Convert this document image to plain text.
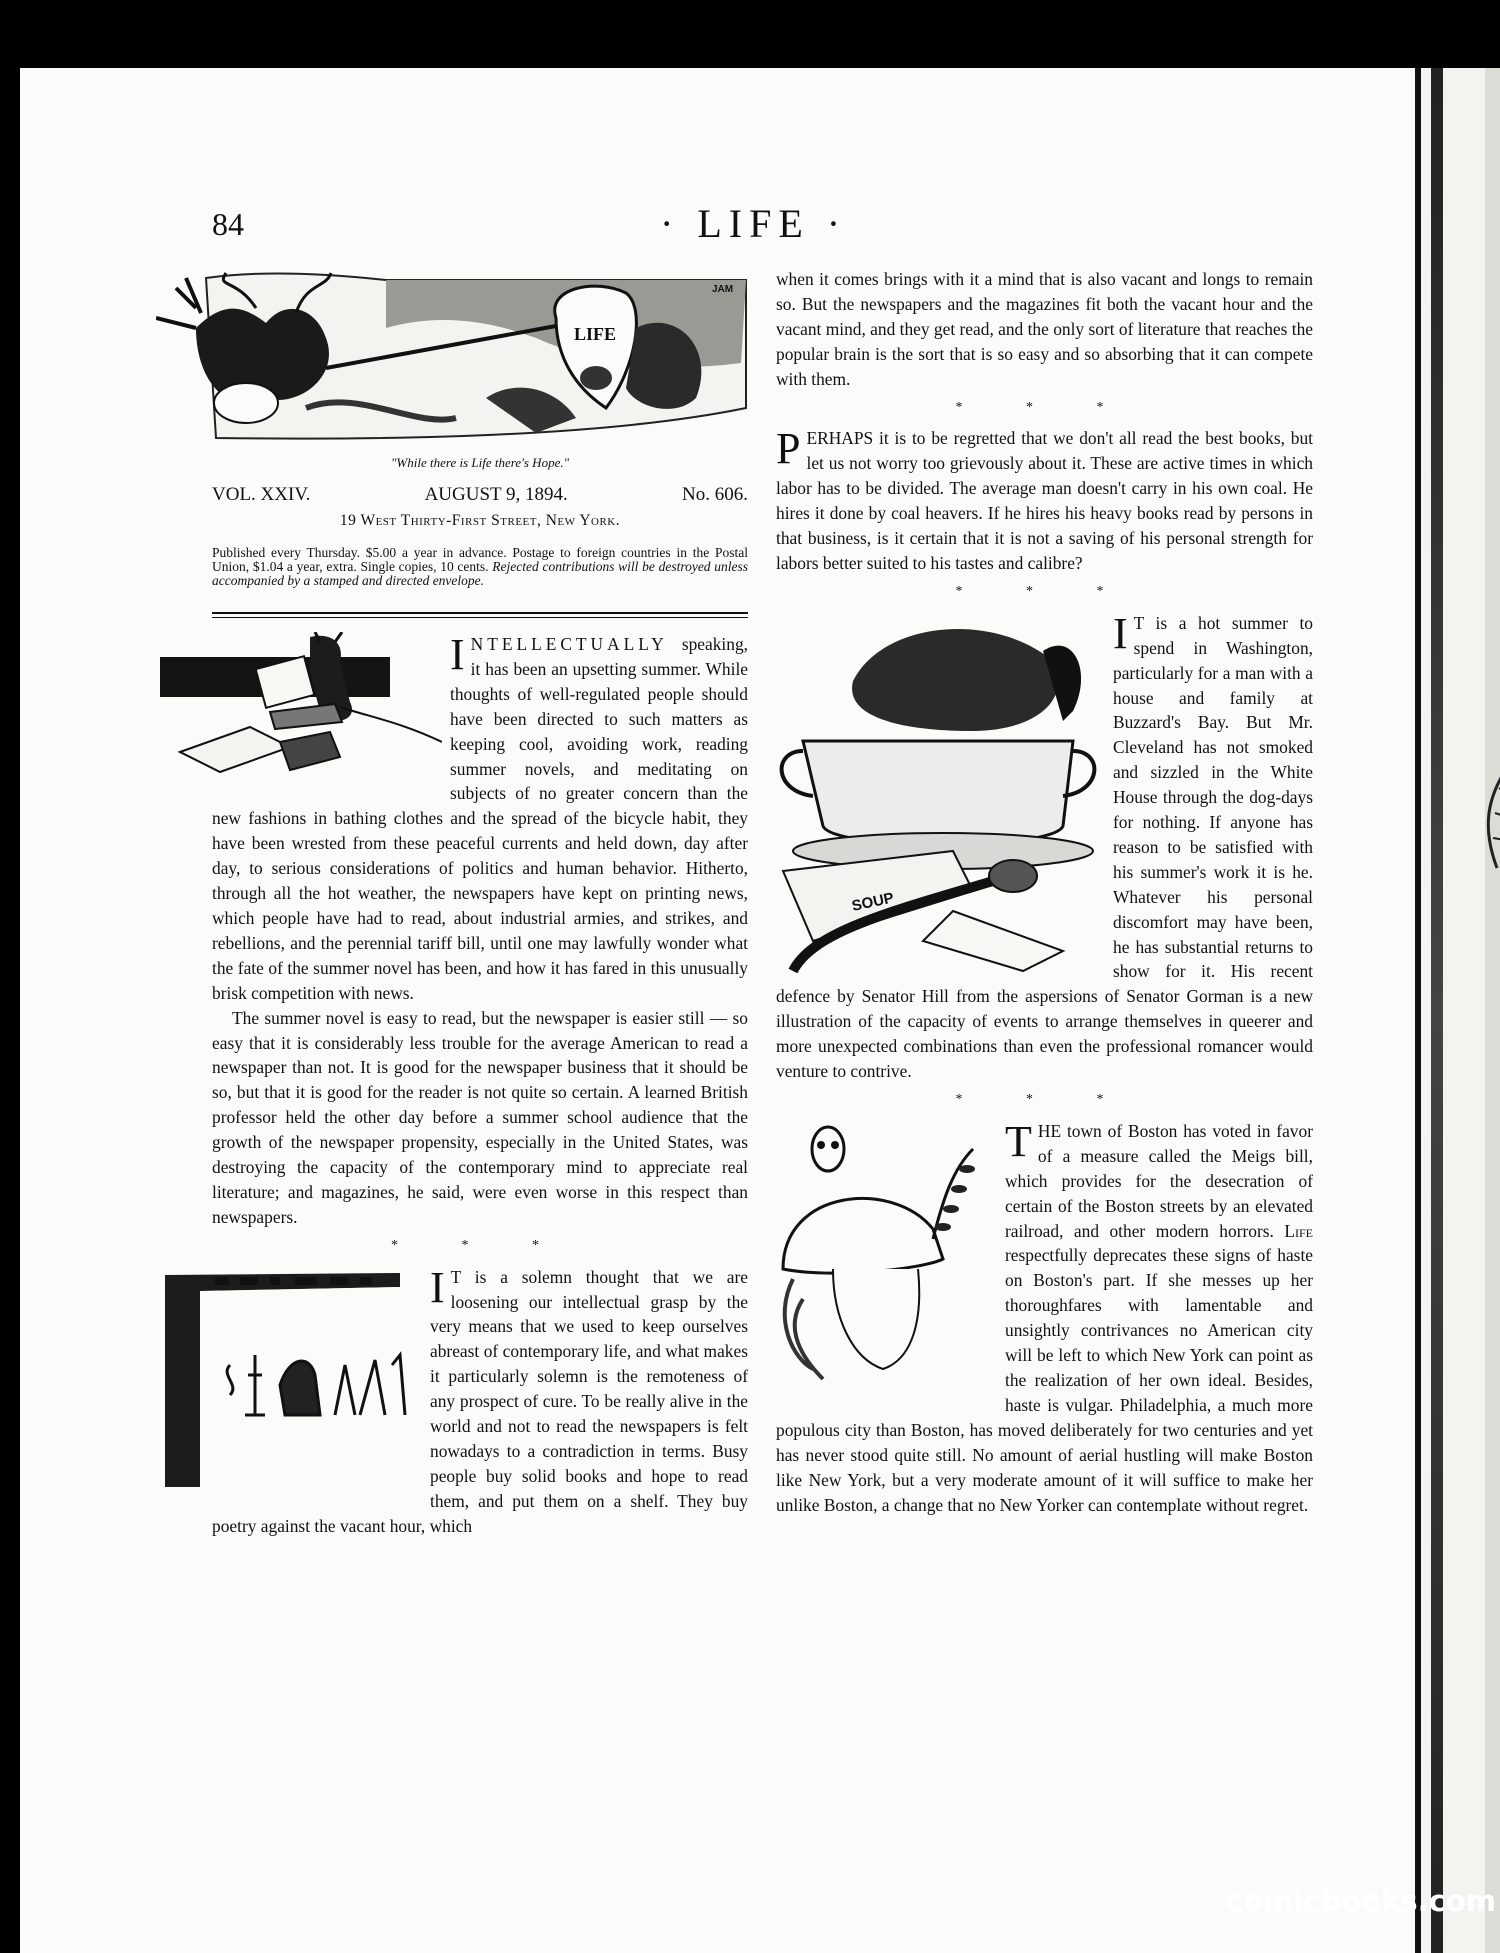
84	· LIFE ·
LIFE
JAM
"While there is Life there's Hope."
VOL. XXIV.	AUGUST 9, 1894.	No. 606.
19 West Thirty-First Street, New York.
Published every Thursday. $5.00 a year in advance. Postage to foreign countries in the Postal Union, $1.04 a year, extra. Single copies, 10 cents. Rejected contributions will be destroyed unless accompanied by a stamped and directed envelope.

INTELLECTUALLY speaking, it has been an upsetting summer. While thoughts of well-regulated people should have been directed to such matters as keeping cool, avoiding work, reading summer novels, and meditating on subjects of no greater concern than the new fashions in bathing clothes and the spread of the bicycle habit, they have been wrested from these peaceful currents and held down, day after day, to serious considerations of politics and human behavior. Hitherto, through all the hot weather, the newspapers have kept on printing news, which people have had to read, about industrial armies, and strikes, and rebellions, and the perennial tariff bill, until one may lawfully wonder what the fate of the summer novel has been, and how it has fared in this unusually brisk competition with news.

The summer novel is easy to read, but the newspaper is easier still — so easy that it is considerably less trouble for the average American to read a newspaper than not. It is good for the newspaper business that it should be so, but that it is good for the reader is not quite so certain. A learned British professor held the other day before a summer school audience that the growth of the newspaper propensity, especially in the United States, was destroying the capacity of the contemporary mind to appreciate real literature; and magazines, he said, were even worse in this respect than newspapers.

* * *

I T is a solemn thought that we are loosening our intellectual grasp by the very means that we used to keep ourselves abreast of contemporary life, and what makes it particularly solemn is the remoteness of any prospect of cure. To be really alive in the world and not to read the newspapers is felt nowadays to a contradiction in terms. Busy people buy solid books and hope to read them, and put them on a shelf. They buy poetry against the vacant hour, which

when it comes brings with it a mind that is also vacant and longs to remain so. But the newspapers and the magazines fit both the vacant hour and the vacant mind, and they get read, and the only sort of literature that reaches the popular brain is the sort that is so easy and so absorbing that it can compete with them.

* * *

PERHAPS it is to be regretted that we don't all read the best books, but let us not worry too grievously about it. These are active times in which labor has to be divided. The average man doesn't carry in his own coal. He hires it done by coal heavers. If he hires his heavy books read by persons in that business, is it certain that it is not a saving of his personal strength for labors better suited to his tastes and calibre?

* * *
SOUP

I T is a hot summer to spend in Washington, particularly for a man with a house and family at Buzzard's Bay. But Mr. Cleveland has not smoked and sizzled in the White House through the dog-days for nothing. If anyone has reason to be satisfied with his summer's work it is he. Whatever his personal discomfort may have been, he has substantial returns to show for it. His recent defence by Senator Hill from the aspersions of Senator Gorman is a new illustration of the capacity of events to arrange themselves in queerer and more unexpected combinations than even the professional romancer would venture to contrive.

* * *

THE town of Boston has voted in favor of a measure called the Meigs bill, which provides for the desecration of certain of the Boston streets by an elevated railroad, and other modern horrors. Life respectfully deprecates these signs of haste on Boston's part. If she messes up her thoroughfares with lamentable and unsightly contrivances no American city will be left to which New York can point as the realization of her own ideal. Besides, haste is vulgar. Philadelphia, a much more populous city than Boston, has moved deliberately for two centuries and yet has never stood quite still. No amount of aerial hustling will make Boston like New York, but a very moderate amount of it will suffice to make her unlike Boston, a change that no New Yorker can contemplate without regret.

comicbooks.com
